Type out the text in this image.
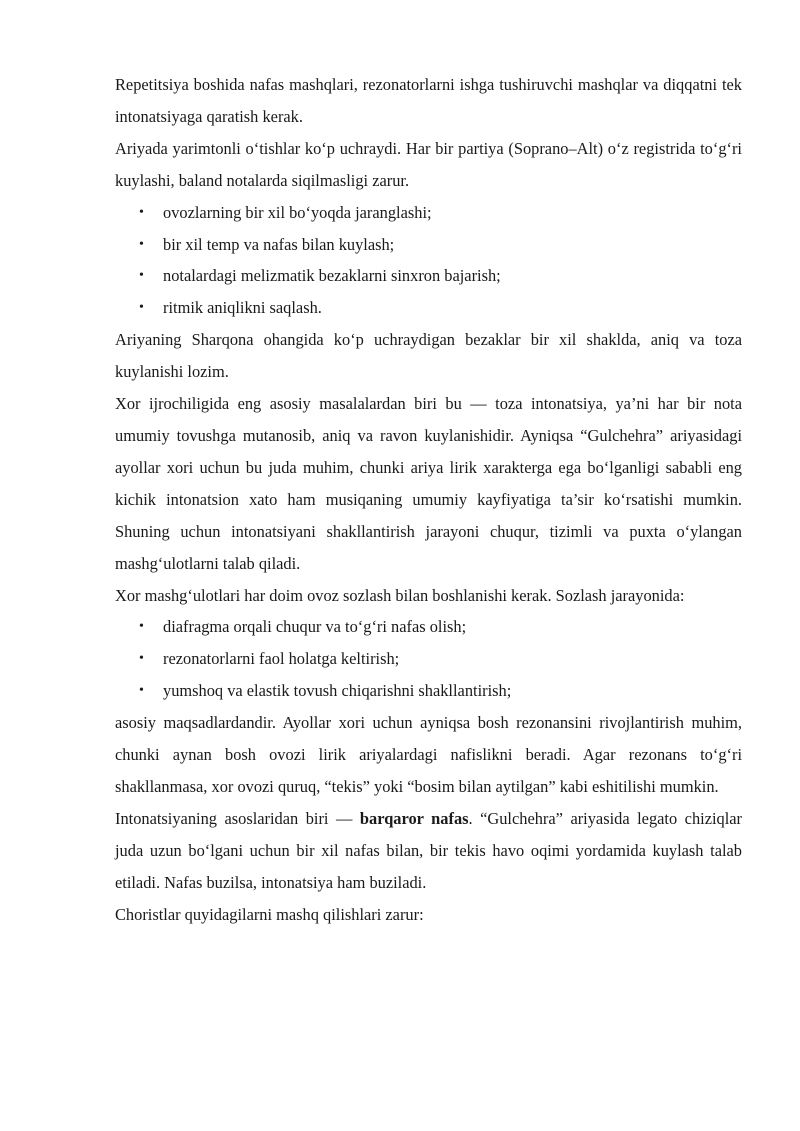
Repetitsiya boshida nafas mashqlari, rezonatorlarni ishga tushiruvchi mashqlar va diqqatni tek intonatsiyaga qaratish kerak.

Ariyada yarimtonli o‘tishlar ko‘p uchraydi. Har bir partiya (Soprano–Alt) o‘z registrida to‘g‘ri kuylashi, baland notalarda siqilmasligi zarur.

• ovozlarning bir xil bo‘yoqda jaranglashi;
• bir xil temp va nafas bilan kuylash;
• notalardagi melizmatik bezaklarni sinxron bajarish;
• ritmik aniqlikni saqlash.

Ariyaning Sharqona ohangida ko‘p uchraydigan bezaklar bir xil shaklda, aniq va toza kuylanishi lozim.

Xor ijrochiligida eng asosiy masalalardan biri bu — toza intonatsiya, ya’ni har bir nota umumiy tovushga mutanosib, aniq va ravon kuylanishidir. Ayniqsa “Gulchehra” ariyasidagi ayollar xori uchun bu juda muhim, chunki ariya lirik xarakterga ega bo‘lganligi sababli eng kichik intonatsion xato ham musiqaning umumiy kayfiyatiga ta’sir ko‘rsatishi mumkin. Shuning uchun intonatsiyani shakllantirish jarayoni chuqur, tizimli va puxta o‘ylangan mashg‘ulotlarni talab qiladi.

Xor mashg‘ulotlari har doim ovoz sozlash bilan boshlanishi kerak. Sozlash jarayonida:

• diafragma orqali chuqur va to‘g‘ri nafas olish;
• rezonatorlarni faol holatga keltirish;
• yumshoq va elastik tovush chiqarishni shakllantirish;

asosiy maqsadlardandir. Ayollar xori uchun ayniqsa bosh rezonansini rivojlantirish muhim, chunki aynan bosh ovozi lirik ariyalardagi nafislikni beradi. Agar rezonans to‘g‘ri shakllanmasa, xor ovozi quruq, “tekis” yoki “bosim bilan aytilgan” kabi eshitilishi mumkin.

Intonatsiyaning asoslaridan biri — barqaror nafas. “Gulchehra” ariyasida legato chiziqlar juda uzun bo‘lgani uchun bir xil nafas bilan, bir tekis havo oqimi yordamida kuylash talab etiladi. Nafas buzilsa, intonatsiya ham buziladi.

Choristlar quyidagilarni mashq qilishlari zarur:
